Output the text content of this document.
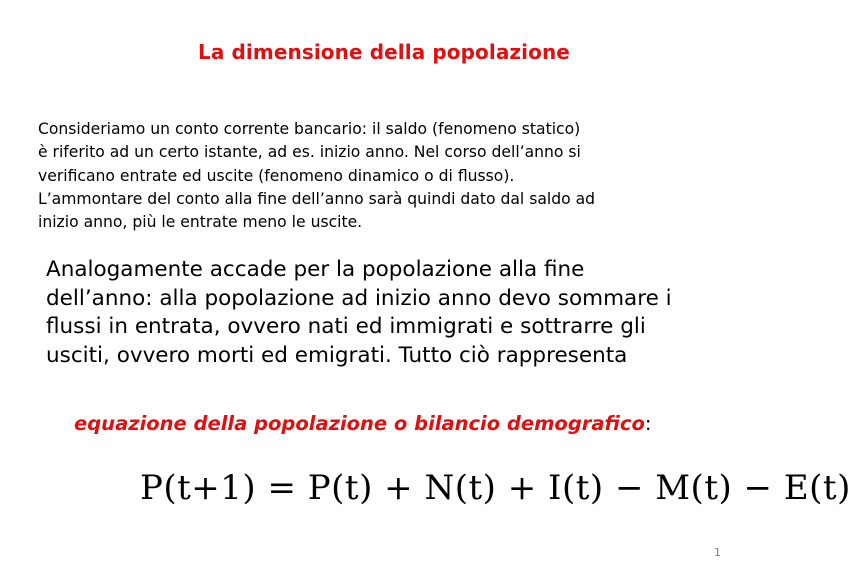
La dimensione della popolazione
Consideriamo un conto corrente bancario: il saldo (fenomeno statico)
è riferito ad un certo istante, ad es. inizio anno. Nel corso dell’anno si
verificano entrate ed uscite (fenomeno dinamico o di flusso).
L’ammontare del conto alla fine dell’anno sarà quindi dato dal saldo ad
inizio anno, più le entrate meno le uscite.
Analogamente accade per la popolazione alla fine
dell’anno: alla popolazione ad inizio anno devo sommare i
flussi in entrata, ovvero nati ed immigrati e sottrarre gli
usciti, ovvero morti ed emigrati. Tutto ciò rappresenta
equazione della popolazione o bilancio demografico:
P(t+1) = P(t) + N(t) + I(t) − M(t) − E(t)
1
